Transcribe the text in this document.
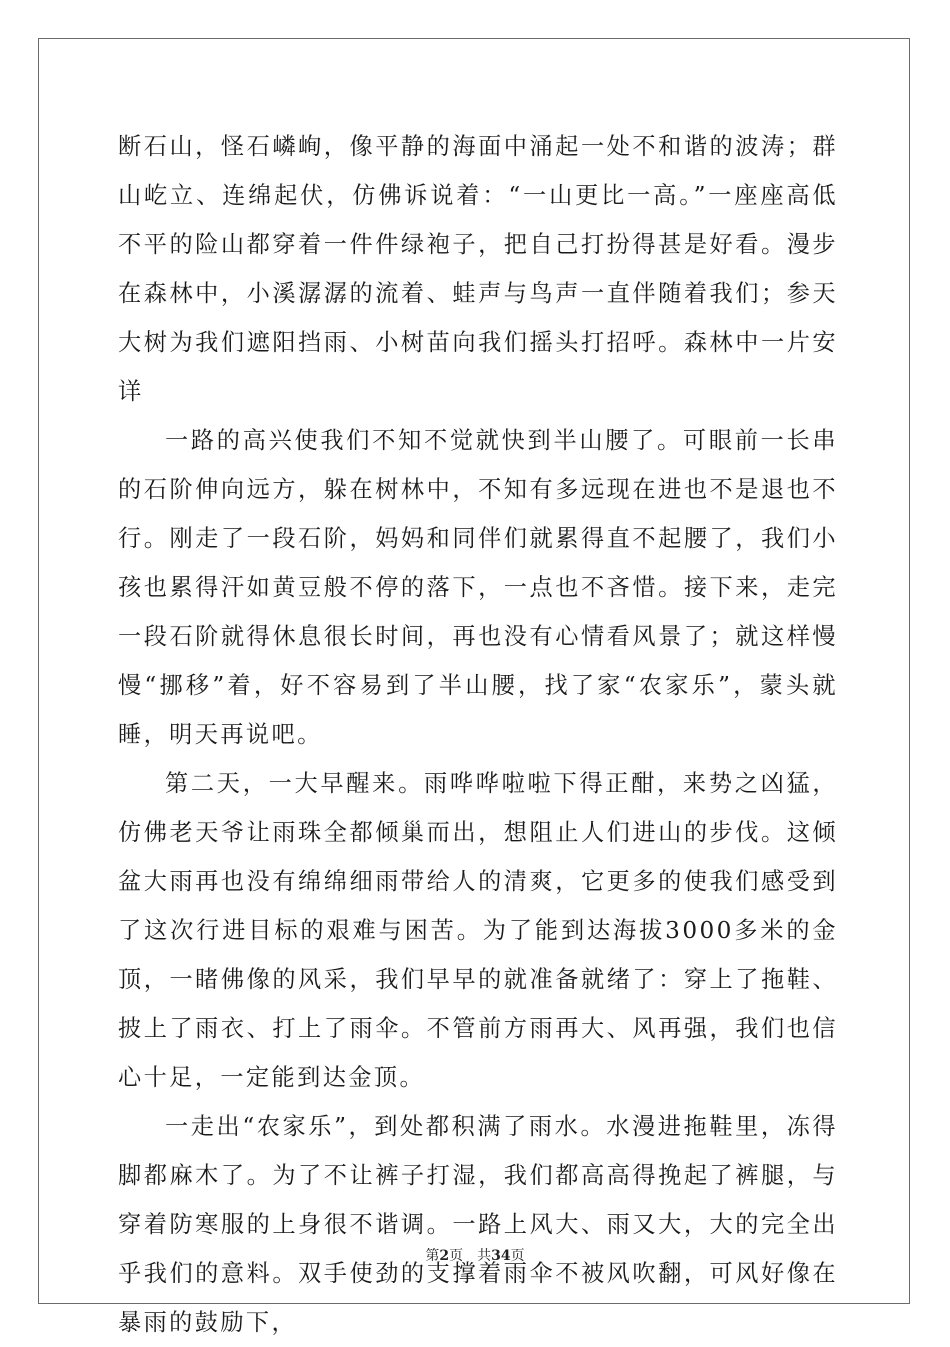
断石山，怪石嶙峋，像平静的海面中涌起一处不和谐的波涛；群山屹立、连绵起伏，仿佛诉说着：“一山更比一高。”一座座高低不平的险山都穿着一件件绿袍子，把自己打扮得甚是好看。漫步在森林中，小溪潺潺的流着、蛙声与鸟声一直伴随着我们；参天大树为我们遮阳挡雨、小树苗向我们摇头打招呼。森林中一片安详

一路的高兴使我们不知不觉就快到半山腰了。可眼前一长串的石阶伸向远方，躲在树林中，不知有多远现在进也不是退也不行。刚走了一段石阶，妈妈和同伴们就累得直不起腰了，我们小孩也累得汗如黄豆般不停的落下，一点也不吝惜。接下来，走完一段石阶就得休息很长时间，再也没有心情看风景了；就这样慢慢“挪移”着，好不容易到了半山腰，找了家“农家乐”，蒙头就睡，明天再说吧。

第二天，一大早醒来。雨哗哗啦啦下得正酣，来势之凶猛，仿佛老天爷让雨珠全都倾巢而出，想阻止人们进山的步伐。这倾盆大雨再也没有绵绵细雨带给人的清爽，它更多的使我们感受到了这次行进目标的艰难与困苦。为了能到达海拔3000多米的金顶，一睹佛像的风采，我们早早的就准备就绪了：穿上了拖鞋、披上了雨衣、打上了雨伞。不管前方雨再大、风再强，我们也信心十足，一定能到达金顶。

一走出“农家乐”，到处都积满了雨水。水漫进拖鞋里，冻得脚都麻木了。为了不让裤子打湿，我们都高高得挽起了裤腿，与穿着防寒服的上身很不谐调。一路上风大、雨又大，大的完全出乎我们的意料。双手使劲的支撑着雨伞不被风吹翻，可风好像在暴雨的鼓励下，

第2页 共34页
